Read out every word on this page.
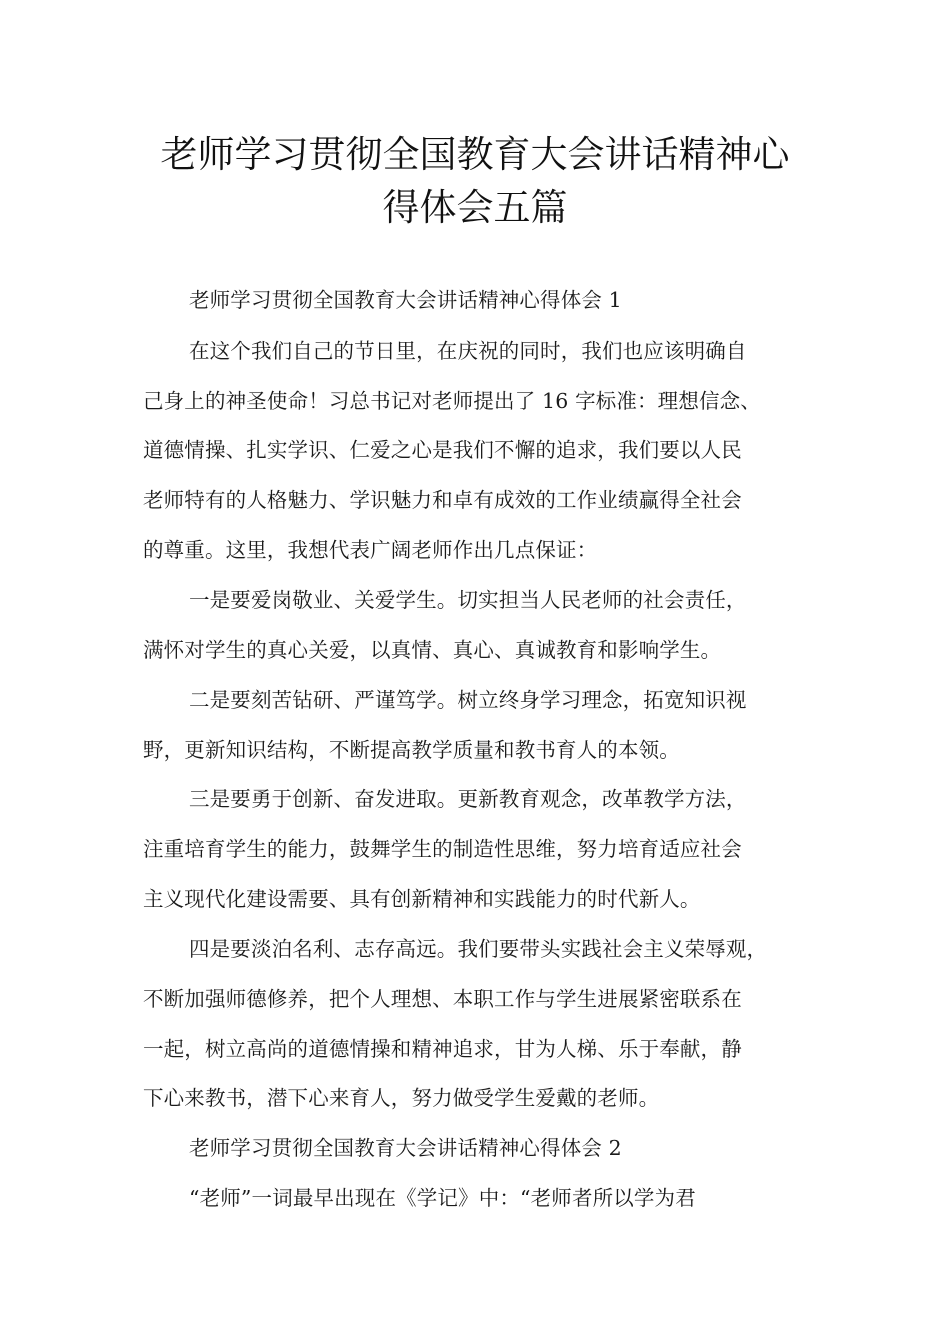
老师学习贯彻全国教育大会讲话精神心
得体会五篇
老师学习贯彻全国教育大会讲话精神心得体会 1
在这个我们自己的节日里，在庆祝的同时，我们也应该明确自
己身上的神圣使命！习总书记对老师提出了 16 字标准：理想信念、
道德情操、扎实学识、仁爱之心是我们不懈的追求，我们要以人民
老师特有的人格魅力、学识魅力和卓有成效的工作业绩赢得全社会
的尊重。这里，我想代表广阔老师作出几点保证：
一是要爱岗敬业、关爱学生。切实担当人民老师的社会责任，
满怀对学生的真心关爱，以真情、真心、真诚教育和影响学生。
二是要刻苦钻研、严谨笃学。树立终身学习理念，拓宽知识视
野，更新知识结构，不断提高教学质量和教书育人的本领。
三是要勇于创新、奋发进取。更新教育观念，改革教学方法，
注重培育学生的能力，鼓舞学生的制造性思维，努力培育适应社会
主义现代化建设需要、具有创新精神和实践能力的时代新人。
四是要淡泊名利、志存高远。我们要带头实践社会主义荣辱观，
不断加强师德修养，把个人理想、本职工作与学生进展紧密联系在
一起，树立高尚的道德情操和精神追求，甘为人梯、乐于奉献，静
下心来教书，潜下心来育人，努力做受学生爱戴的老师。
老师学习贯彻全国教育大会讲话精神心得体会 2
“老师”一词最早出现在《学记》中：“老师者所以学为君
